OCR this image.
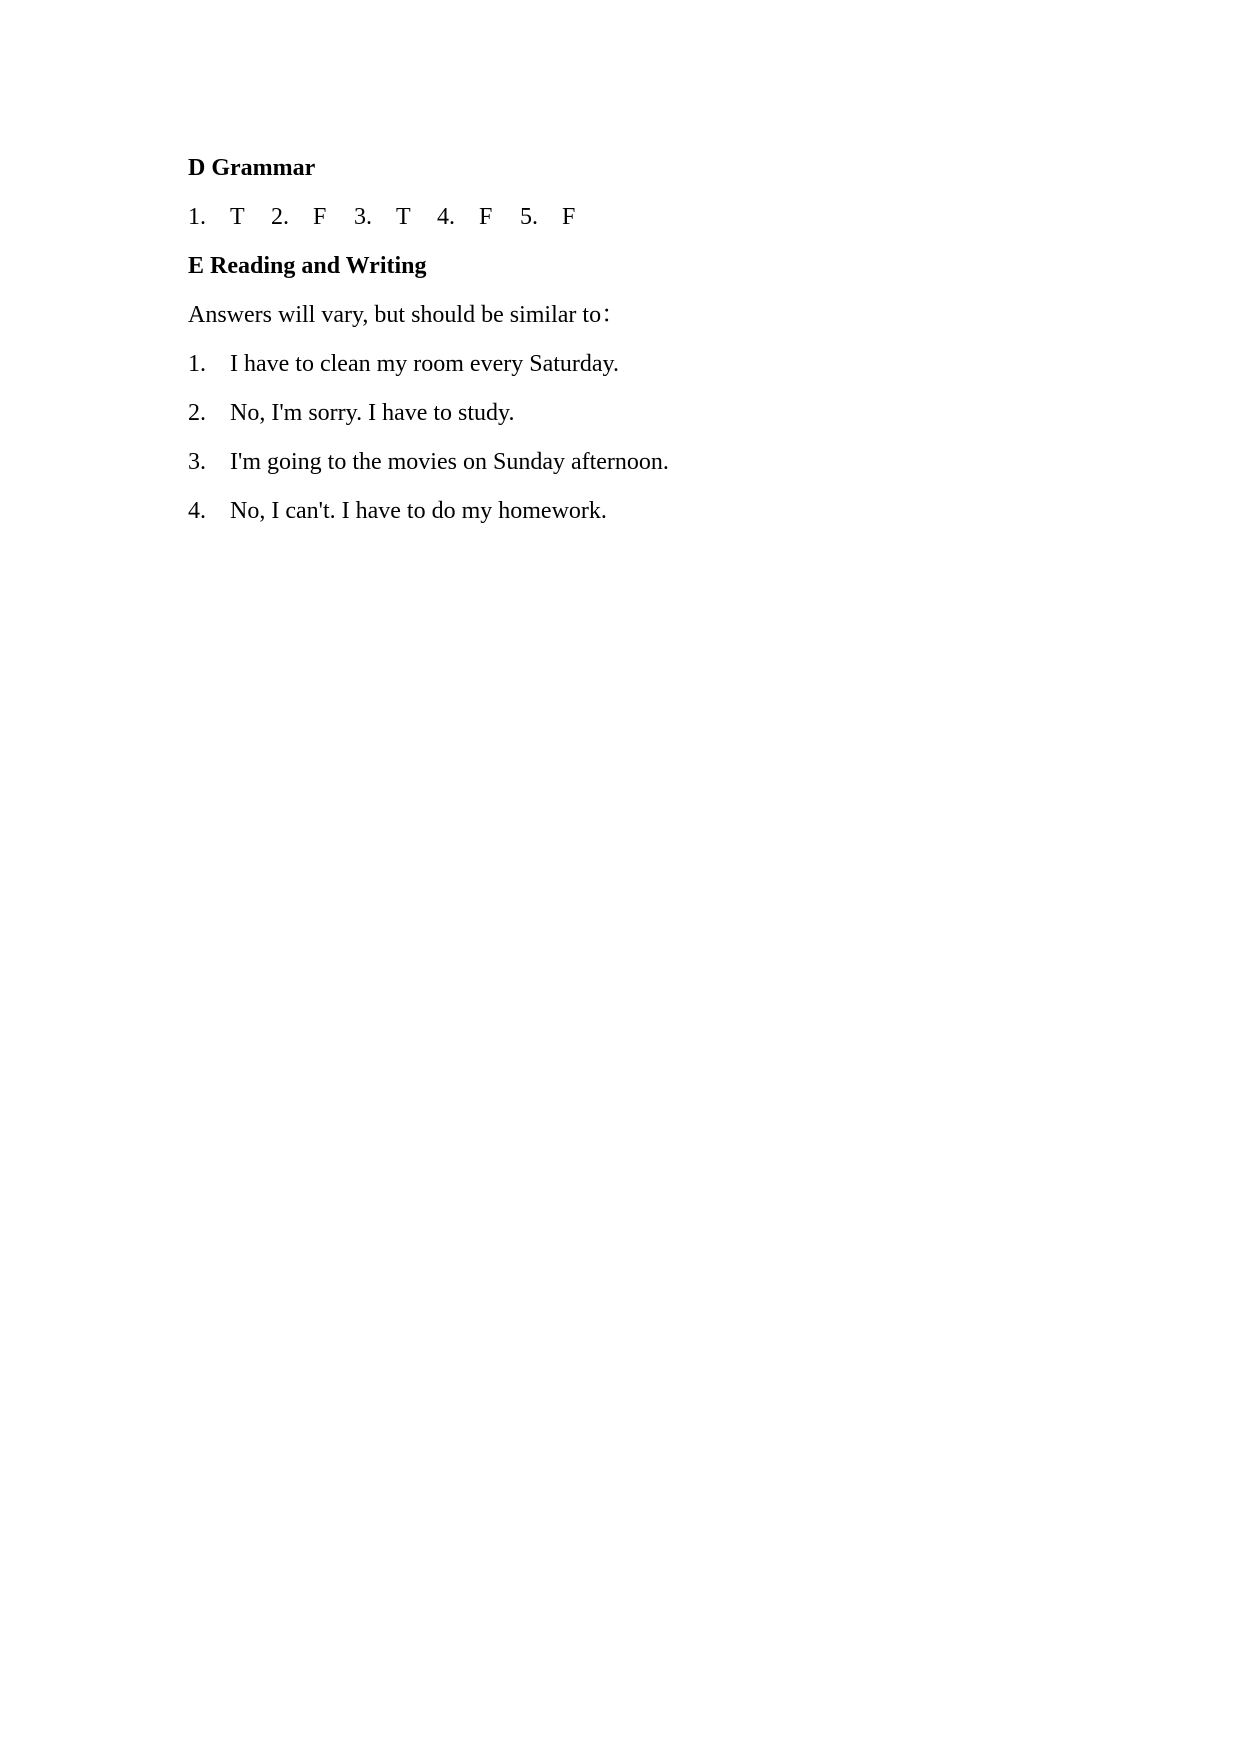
D Grammar
1.	T	2.	F	3.	T	4.	F	5.	F
E Reading and Writing
Answers will vary, but should be similar to：
1.	I have to clean my room every Saturday.
2.	No, I'm sorry. I have to study.
3.	I'm going to the movies on Sunday afternoon.
4.	No, I can't. I have to do my homework.
